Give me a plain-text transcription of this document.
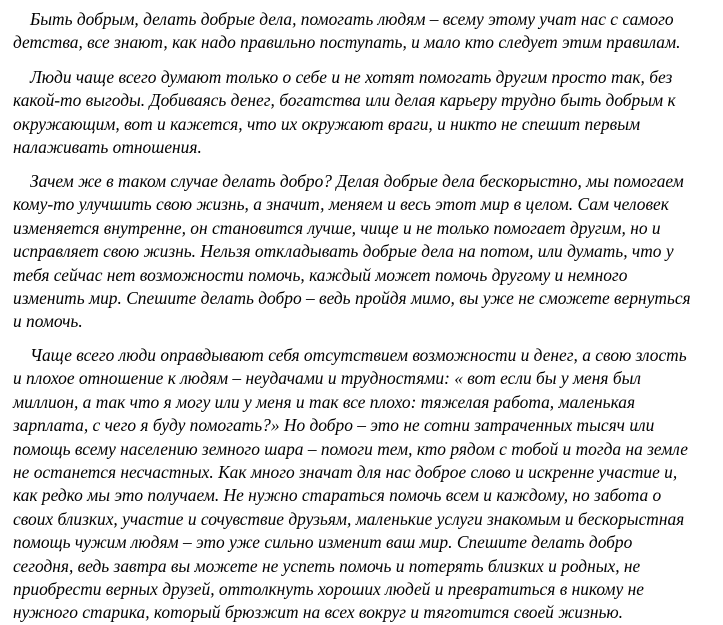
Быть добрым, делать добрые дела, помогать людям – всему этому учат нас с самого
детства, все знают, как надо правильно поступать, и мало кто следует этим правилам.
Люди чаще всего думают только о себе и не хотят помогать другим просто так, без
какой-то выгоды. Добиваясь денег, богатства или делая карьеру трудно быть добрым к
окружающим, вот и кажется, что их окружают враги, и никто не спешит первым
налаживать отношения.
Зачем же в таком случае делать добро? Делая добрые дела бескорыстно, мы помогаем
кому-то улучшить свою жизнь, а значит, меняем и весь этот мир в целом. Сам человек
изменяется внутренне, он становится лучше, чище и не только помогает другим, но и
исправляет свою жизнь. Нельзя откладывать добрые дела на потом, или думать, что у
тебя сейчас нет возможности помочь, каждый может помочь другому и немного
изменить мир. Спешите делать добро – ведь пройдя мимо, вы уже не сможете вернуться
и помочь.
Чаще всего люди оправдывают себя отсутствием возможности и денег, а свою злость
и плохое отношение к людям – неудачами и трудностями: « вот если бы у меня был
миллион, а так что я могу или у меня и так все плохо: тяжелая работа, маленькая
зарплата, с чего я буду помогать?» Но добро – это не сотни затраченных тысяч или
помощь всему населению земного шара – помоги тем, кто рядом с тобой и тогда на земле
не останется несчастных. Как много значат для нас доброе слово и искренне участие и,
как редко мы это получаем. Не нужно стараться помочь всем и каждому, но забота о
своих близких, участие и сочувствие друзьям, маленькие услуги знакомым и бескорыстная
помощь чужим людям – это уже сильно изменит ваш мир. Спешите делать добро
сегодня, ведь завтра вы можете не успеть помочь и потерять близких и родных, не
приобрести верных друзей, оттолкнуть хороших людей и превратиться в никому не
нужного старика, который брюзжит на всех вокруг и тяготится своей жизнью.
